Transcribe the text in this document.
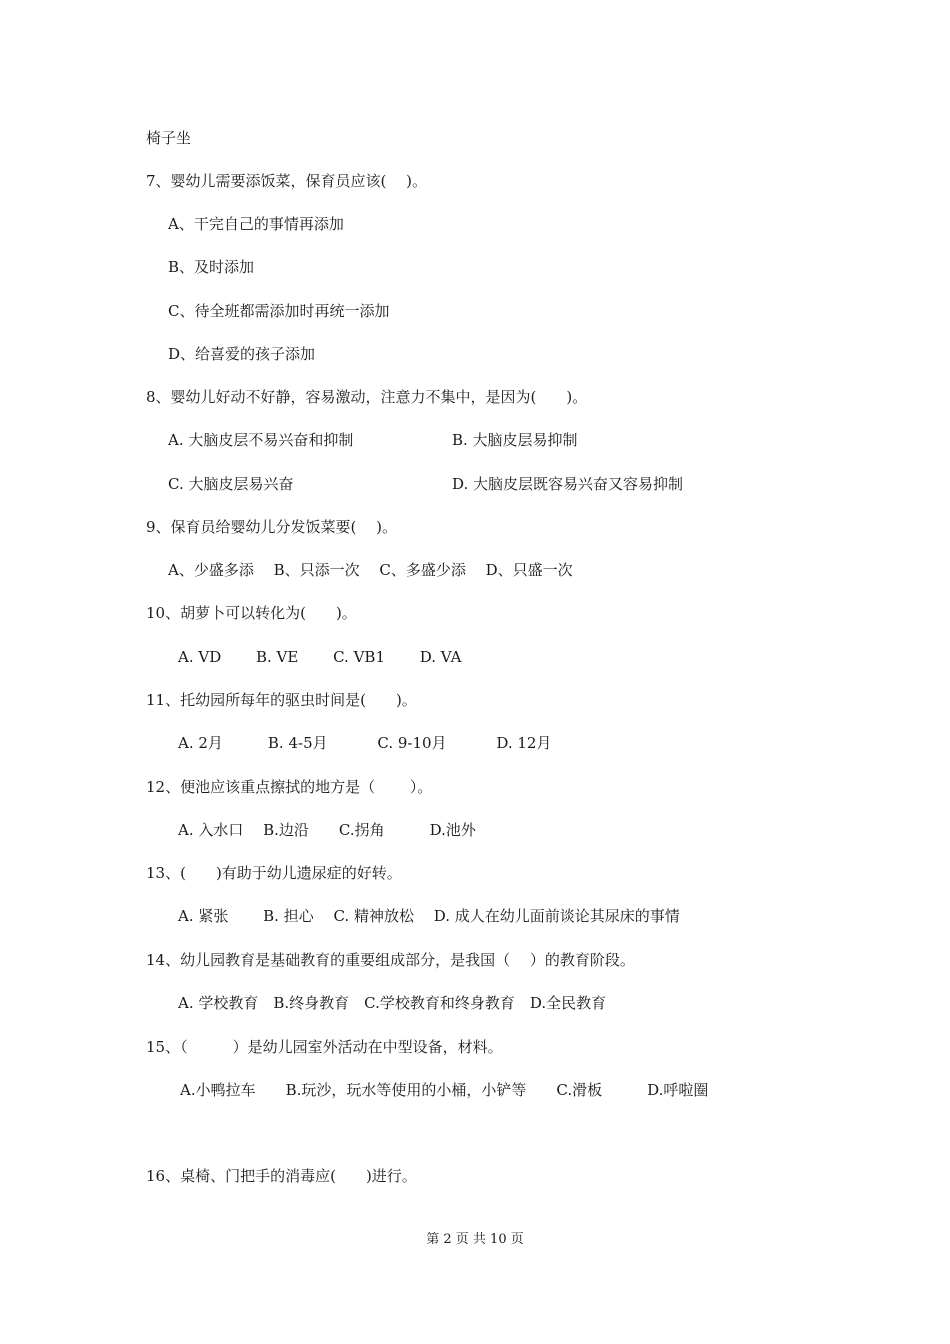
椅子坐
7、婴幼儿需要添饭菜，保育员应该(　 )。
A、干完自己的事情再添加
B、及时添加
C、待全班都需添加时再统一添加
D、给喜爱的孩子添加
8、婴幼儿好动不好静，容易激动，注意力不集中，是因为(　　)。
A. 大脑皮层不易兴奋和抑制	B. 大脑皮层易抑制
C. 大脑皮层易兴奋	D. 大脑皮层既容易兴奋又容易抑制
9、保育员给婴幼儿分发饭菜要(　 )。
A、少盛多添　 B、只添一次　 C、多盛少添　 D、只盛一次
10、胡萝卜可以转化为(　　)。
A. VD　　 B. VE　　 C. VB1　　 D. VA
11、托幼园所每年的驱虫时间是(　　)。
A. 2月　　　B. 4-5月　　　 C. 9-10月　　　 D. 12月
12、便池应该重点擦拭的地方是（　　 ）。
A. 入水口　 B.边沿　　C.拐角　　　D.池外
13、(　　)有助于幼儿遗尿症的好转。
A. 紧张　　 B. 担心　 C. 精神放松　 D. 成人在幼儿面前谈论其尿床的事情
14、幼儿园教育是基础教育的重要组成部分，是我国（　 ）的教育阶段。
A. 学校教育　B.终身教育　C.学校教育和终身教育　D.全民教育
15、（　　　）是幼儿园室外活动在中型设备，材料。
A.小鸭拉车　　B.玩沙，玩水等使用的小桶，小铲等　　C.滑板　　　D.呼啦圈
16、桌椅、门把手的消毒应(　　)进行。
第 2 页 共 10 页
